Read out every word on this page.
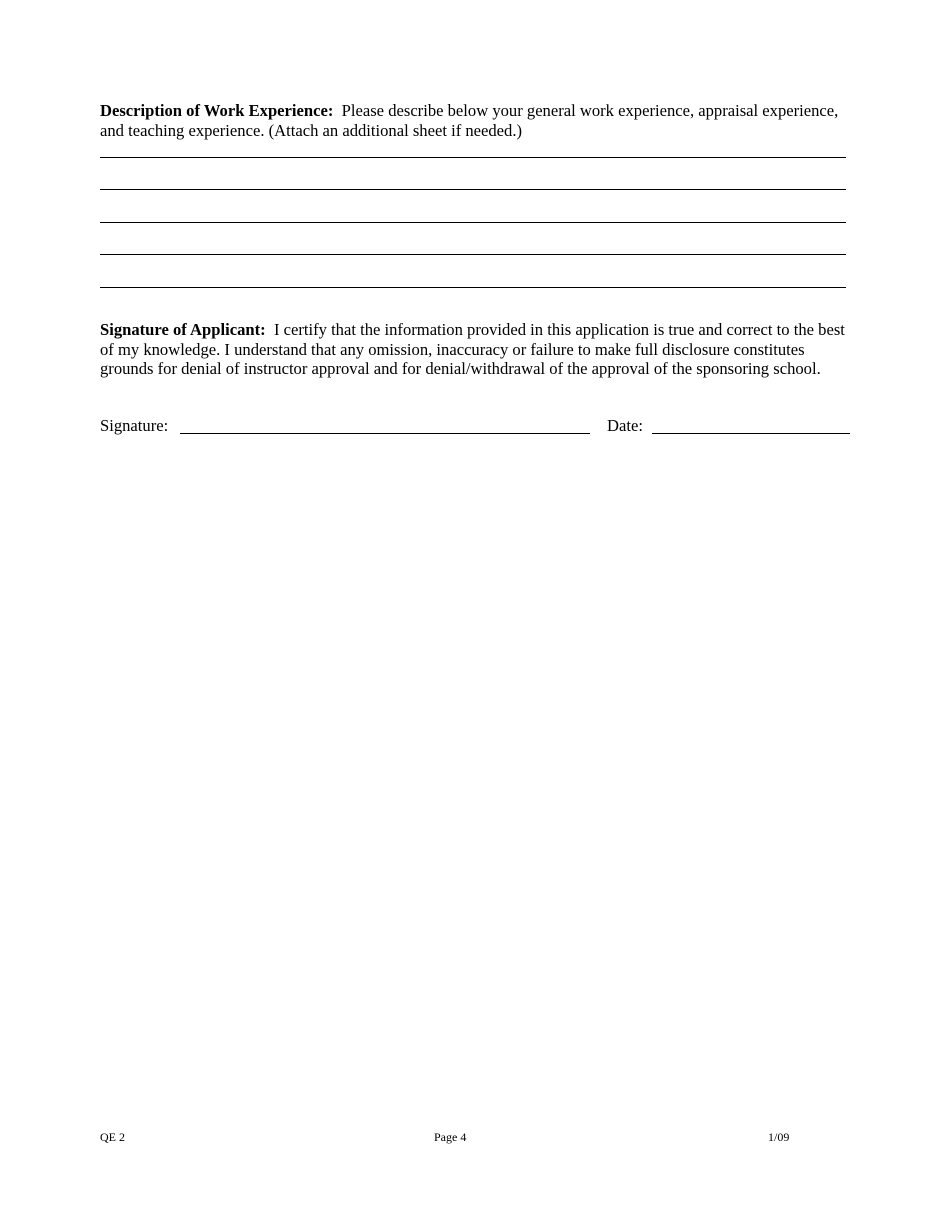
Description of Work Experience: Please describe below your general work experience, appraisal experience, and teaching experience. (Attach an additional sheet if needed.)

Signature of Applicant: I certify that the information provided in this application is true and correct to the best of my knowledge. I understand that any omission, inaccuracy or failure to make full disclosure constitutes grounds for denial of instructor approval and for denial/withdrawal of the approval of the sponsoring school.

Signature:	Date:
QE 2	Page 4	1/09
